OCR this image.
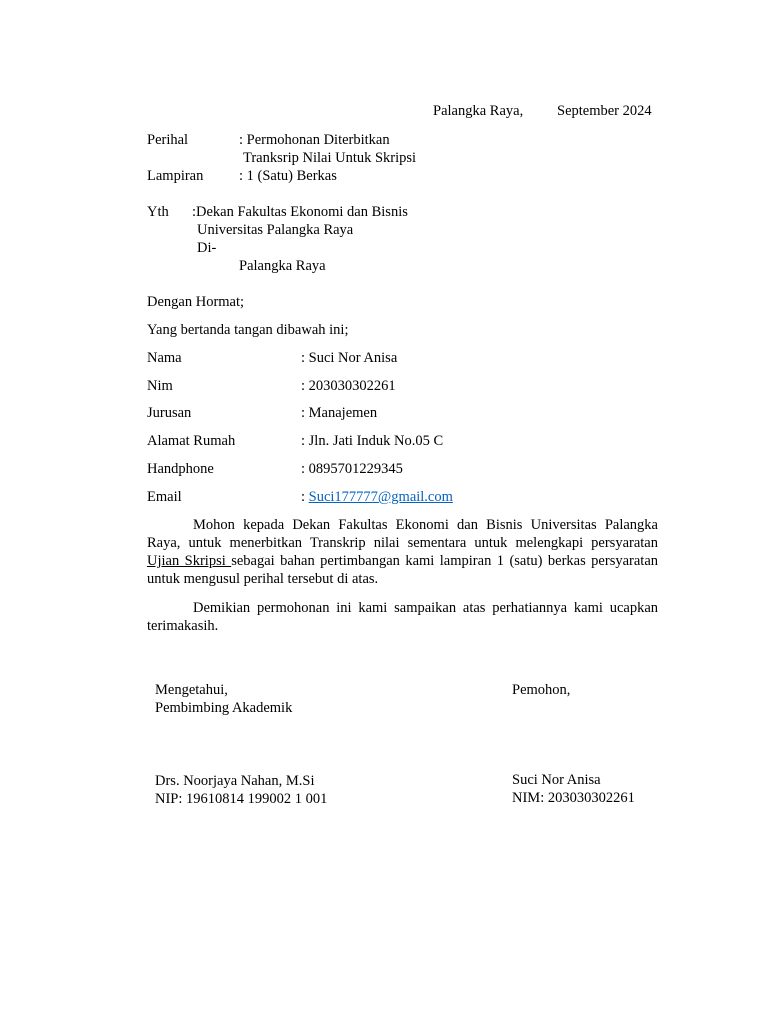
Palangka Raya, September 2024
Perihal	: Permohonan Diterbitkan
Tranksrip Nilai Untuk Skripsi
Lampiran : 1 (Satu) Berkas
Yth :Dekan Fakultas Ekonomi dan Bisnis
Universitas Palangka Raya
Di-
Palangka Raya
Dengan Hormat;
Yang bertanda tangan dibawah ini;
Nama	: Suci Nor Anisa
Nim	: 203030302261
Jurusan	: Manajemen
Alamat Rumah	: Jln. Jati Induk No.05 C
Handphone	: 0895701229345
Email	: Suci177777@gmail.com
Mohon kepada Dekan Fakultas Ekonomi dan Bisnis Universitas Palangka Raya, untuk menerbitkan Transkrip nilai sementara untuk melengkapi persyaratan Ujian Skripsi sebagai bahan pertimbangan kami lampiran 1 (satu) berkas persyaratan untuk mengusul perihal tersebut di atas.
Demikian permohonan ini kami sampaikan atas perhatiannya kami ucapkan terimakasih.
Mengetahui,
Pembimbing Akademik
Pemohon,
Drs. Noorjaya Nahan, M.Si
NIP: 19610814 199002 1 001
Suci Nor Anisa
NIM: 203030302261
